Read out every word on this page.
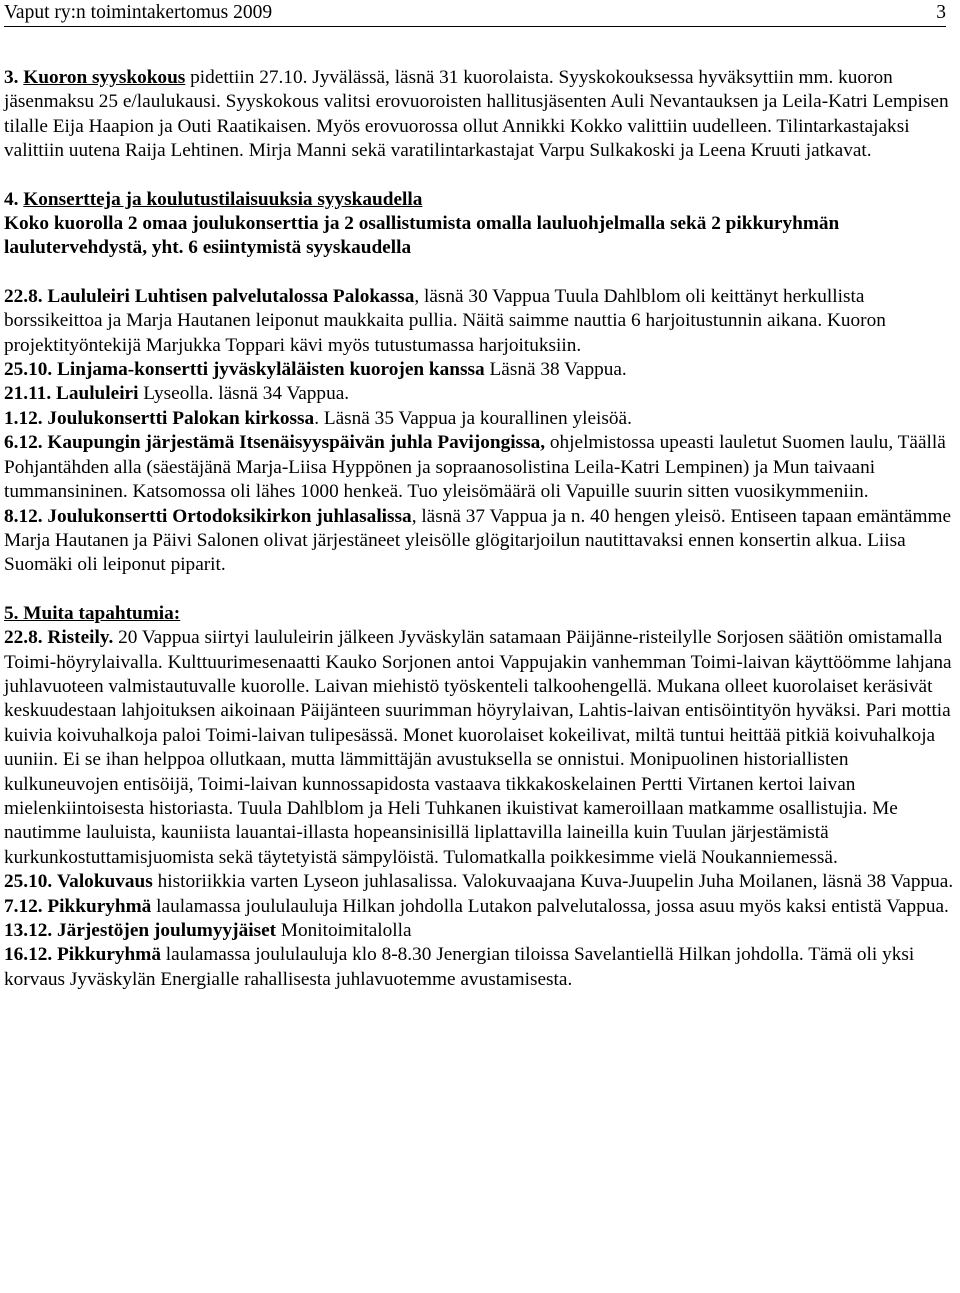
Vaput ry:n toimintakertomus 2009	3

3. Kuoron syyskokous pidettiin 27.10. Jyvälässä, läsnä 31 kuorolaista. Syyskokouksessa hyväksyttiin mm. kuoron jäsenmaksu 25 e/laulukausi. Syyskokous valitsi erovuoroisten hallitusjäsenten Auli Nevantauksen ja Leila-Katri Lempisen tilalle Eija Haapion ja Outi Raatikaisen. Myös erovuorossa ollut Annikki Kokko valittiin uudelleen. Tilintarkastajaksi valittiin uutena Raija Lehtinen. Mirja Manni sekä varatilintarkastajat Varpu Sulkakoski ja Leena Kruuti jatkavat.

4. Konsertteja ja koulutustilaisuuksia syyskaudella

Koko kuorolla 2 omaa joulukonserttia ja 2 osallistumista omalla lauluohjelmalla sekä 2 pikkuryhmän laulutervehdystä, yht. 6 esiintymistä syyskaudella

22.8. Laululeiri Luhtisen palvelutalossa Palokassa, läsnä 30 Vappua Tuula Dahlblom oli keittänyt herkullista borssikeittoa ja Marja Hautanen leiponut maukkaita pullia. Näitä saimme nauttia 6 harjoitustunnin aikana. Kuoron projektityöntekijä Marjukka Toppari kävi myös tutustumassa harjoituksiin.

25.10. Linjama-konsertti jyväskyläläisten kuorojen kanssa Läsnä 38 Vappua.

21.11. Laululeiri Lyseolla. läsnä 34 Vappua.

1.12. Joulukonsertti Palokan kirkossa. Läsnä 35 Vappua ja kourallinen yleisöä.

6.12. Kaupungin järjestämä Itsenäisyyspäivän juhla Pavijongissa, ohjelmistossa upeasti lauletut Suomen laulu, Täällä Pohjantähden alla (säestäjänä Marja-Liisa Hyppönen ja sopraanosolistina Leila-Katri Lempinen) ja Mun taivaani tummansininen. Katsomossa oli lähes 1000 henkeä. Tuo yleisömäärä oli Vapuille suurin sitten vuosikymmeniin.

8.12. Joulukonsertti Ortodoksikirkon juhlasalissa, läsnä 37 Vappua ja n. 40 hengen yleisö. Entiseen tapaan emäntämme Marja Hautanen ja Päivi Salonen olivat järjestäneet yleisölle glögitarjoilun nautittavaksi ennen konsertin alkua. Liisa Suomäki oli leiponut piparit.

5. Muita tapahtumia:

22.8. Risteily. 20 Vappua siirtyi laululeirin jälkeen Jyväskylän satamaan Päijänne-risteilylle Sorjosen säätiön omistamalla Toimi-höyrylaivalla. Kulttuurimesenaatti Kauko Sorjonen antoi Vappujakin vanhemman Toimi-laivan käyttöömme lahjana juhlavuoteen valmistautuvalle kuorolle. Laivan miehistö työskenteli talkoohengellä. Mukana olleet kuorolaiset keräsivät keskuudestaan lahjoituksen aikoinaan Päijänteen suurimman höyrylaivan, Lahtis-laivan entisöintityön hyväksi. Pari mottia kuivia koivuhalkoja paloi Toimi-laivan tulipesässä. Monet kuorolaiset kokeilivat, miltä tuntui heittää pitkiä koivuhalkoja uuniin. Ei se ihan helppoa ollutkaan, mutta lämmittäjän avustuksella se onnistui. Monipuolinen historiallisten kulkuneuvojen entisöijä, Toimi-laivan kunnossapidosta vastaava tikkakoskelainen Pertti Virtanen kertoi laivan mielenkiintoisesta historiasta. Tuula Dahlblom ja Heli Tuhkanen ikuistivat kameroillaan matkamme osallistujia. Me nautimme lauluista, kauniista lauantai-illasta hopeansinisillä liplattavilla laineilla kuin Tuulan järjestämistä kurkunkostuttamisjuomista sekä täytetyistä sämpylöistä. Tulomatkalla poikkesimme vielä Noukanniemessä.

25.10. Valokuvaus historiikkia varten Lyseon juhlasalissa. Valokuvaajana Kuva-Juupelin Juha Moilanen, läsnä 38 Vappua.

7.12. Pikkuryhmä laulamassa joululauluja Hilkan johdolla Lutakon palvelutalossa, jossa asuu myös kaksi entistä Vappua.

13.12. Järjestöjen joulumyyjäiset Monitoimitalolla

16.12. Pikkuryhmä laulamassa joululauluja klo 8-8.30 Jenergian tiloissa Savelantiellä Hilkan johdolla. Tämä oli yksi korvaus Jyväskylän Energialle rahallisesta juhlavuotemme avustamisesta.
